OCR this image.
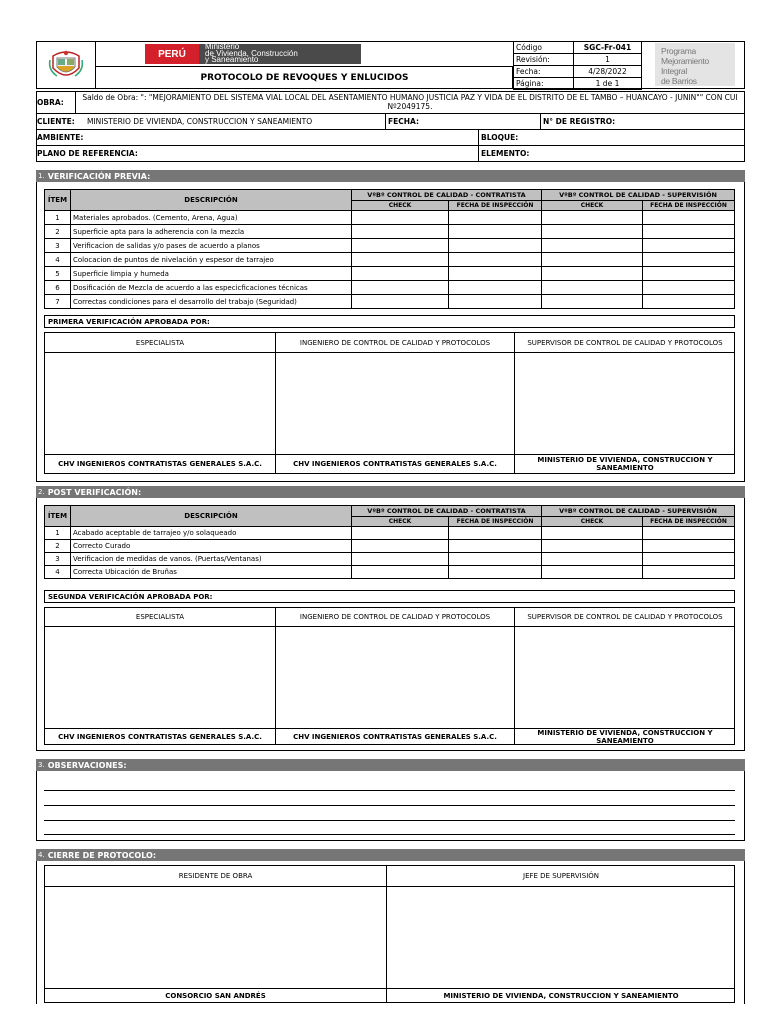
PERÚ
Ministerio
de Vivienda, Construcción
y Saneamiento
PROTOCOLO DE REVOQUES Y ENLUCIDOS
Código	SGC-Fr-041
Revisión:	1
Fecha:	4/28/2022
Página:	1 de 1
Programa
Mejoramiento Integral
de Barrios
OBRA:
Saldo de Obra: ": "MEJORAMIENTO DEL SISTEMA VIAL LOCAL DEL ASENTAMIENTO HUMANO JUSTICIA PAZ Y VIDA DE EL DISTRITO DE EL TAMBO – HUANCAYO - JUNIN"" CON CUI Nº2049175.
CLIENTE: MINISTERIO DE VIVIENDA, CONSTRUCCION Y SANEAMIENTO	FECHA:	N° DE REGISTRO:
AMBIENTE:	BLOQUE:
PLANO DE REFERENCIA:	ELEMENTO:
1. VERIFICACIÓN PREVIA:
ÍTEM	DESCRIPCIÓN	VºBº CONTROL DE CALIDAD - CONTRATISTA		VºBº CONTROL DE CALIDAD - SUPERVISIÓN	
		CHECK	FECHA DE INSPECCIÓN	CHECK	FECHA DE INSPECCIÓN
1	Materiales aprobados. (Cemento, Arena, Agua)				
2	Superficie apta para la adherencia con la mezcla				
3	Verificacion de salidas y/o pases de acuerdo a planos				
4	Colocacion de puntos de nivelación y espesor de tarrajeo				
5	Superficie limpia y humeda				
6	Dosificación de Mezcla de acuerdo a las especicficaciones técnicas				
7	Correctas condiciones para el desarrollo del trabajo (Seguridad)				
PRIMERA VERIFICACIÓN APROBADA POR:
ESPECIALISTA	INGENIERO DE CONTROL DE CALIDAD Y PROTOCOLOS	SUPERVISOR DE CONTROL DE CALIDAD Y PROTOCOLOS
CHV INGENIEROS CONTRATISTAS GENERALES S.A.C.	CHV INGENIEROS CONTRATISTAS GENERALES S.A.C.	MINISTERIO DE VIVIENDA, CONSTRUCCION Y SANEAMIENTO
2. POST VERIFICACIÓN:
ÍTEM	DESCRIPCIÓN	VºBº CONTROL DE CALIDAD - CONTRATISTA		VºBº CONTROL DE CALIDAD - SUPERVISIÓN	
		CHECK	FECHA DE INSPECCIÓN	CHECK	FECHA DE INSPECCIÓN
1	Acabado aceptable de tarrajeo y/o solaqueado				
2	Correcto Curado				
3	Verificacion de medidas de vanos. (Puertas/Ventanas)				
4	Correcta Ubicación de Bruñas				
SEGUNDA VERIFICACIÓN APROBADA POR:
ESPECIALISTA	INGENIERO DE CONTROL DE CALIDAD Y PROTOCOLOS	SUPERVISOR DE CONTROL DE CALIDAD Y PROTOCOLOS
CHV INGENIEROS CONTRATISTAS GENERALES S.A.C.	CHV INGENIEROS CONTRATISTAS GENERALES S.A.C.	MINISTERIO DE VIVIENDA, CONSTRUCCION Y SANEAMIENTO
3. OBSERVACIONES:
4. CIERRE DE PROTOCOLO:
RESIDENTE DE OBRA	JEFE DE SUPERVISIÓN
CONSORCIO SAN ANDRÉS	MINISTERIO DE VIVIENDA, CONSTRUCCION Y SANEAMIENTO
